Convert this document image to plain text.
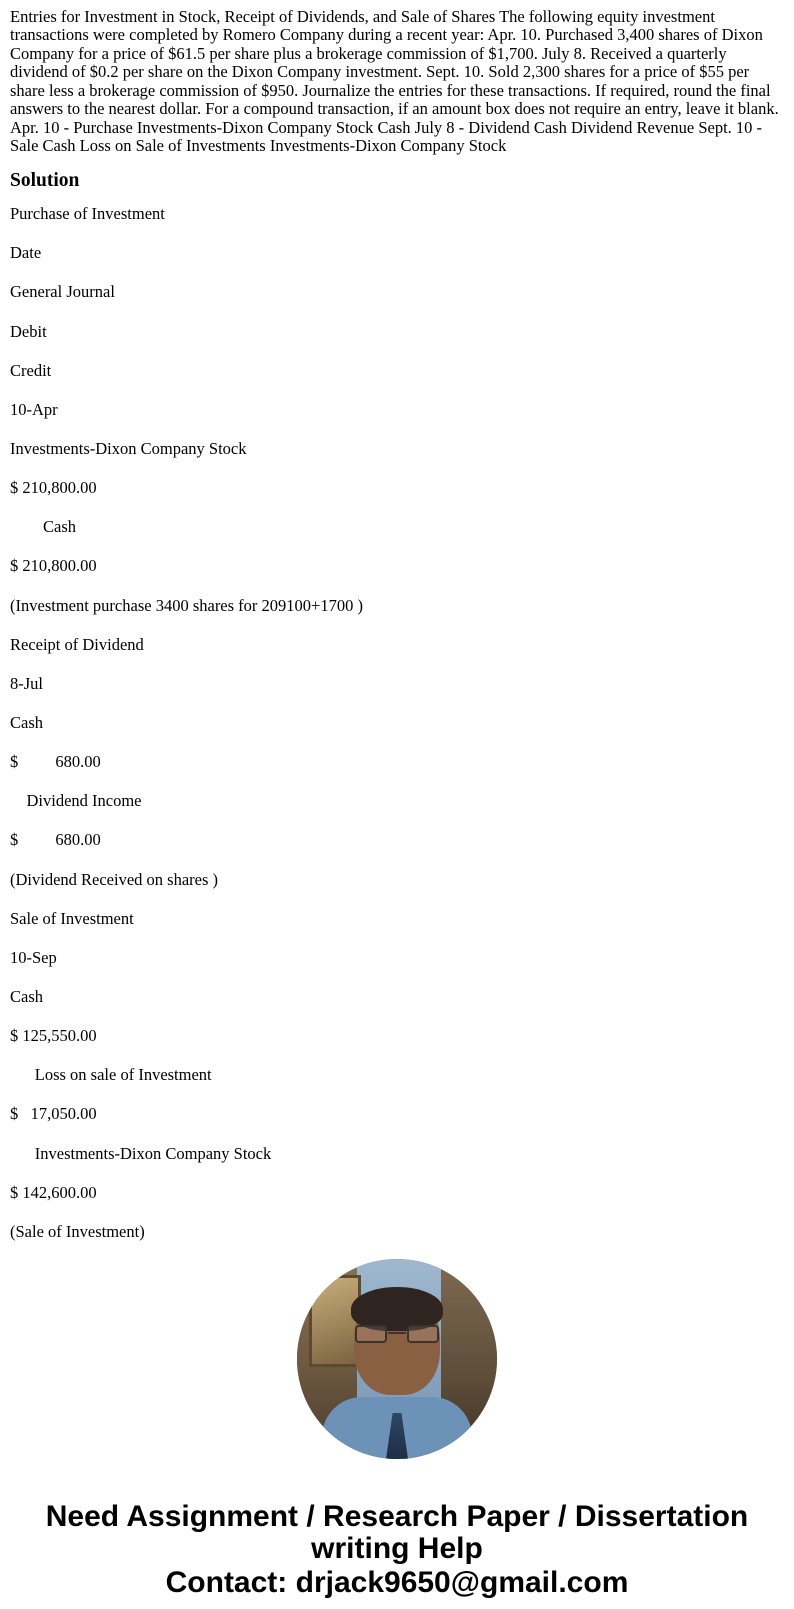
Entries for Investment in Stock, Receipt of Dividends, and Sale of Shares The following equity investment transactions were completed by Romero Company during a recent year: Apr. 10. Purchased 3,400 shares of Dixon Company for a price of $61.5 per share plus a brokerage commission of $1,700. July 8. Received a quarterly dividend of $0.2 per share on the Dixon Company investment. Sept. 10. Sold 2,300 shares for a price of $55 per share less a brokerage commission of $950. Journalize the entries for these transactions. If required, round the final answers to the nearest dollar. For a compound transaction, if an amount box does not require an entry, leave it blank. Apr. 10 - Purchase Investments-Dixon Company Stock Cash July 8 - Dividend Cash Dividend Revenue Sept. 10 - Sale Cash Loss on Sale of Investments Investments-Dixon Company Stock

Solution
Purchase of Investment
Date
General Journal
Debit
Credit
10-Apr
Investments-Dixon Company Stock
$ 210,800.00
Cash
$ 210,800.00
(Investment purchase 3400 shares for 209100+1700 )
Receipt of Dividend
8-Jul
Cash
$         680.00
Dividend Income
$         680.00
(Dividend Received on shares )
Sale of Investment
10-Sep
Cash
$ 125,550.00
Loss on sale of Investment
$   17,050.00
Investments-Dixon Company Stock
$ 142,600.00
(Sale of Investment)
Need Assignment / Research Paper / Dissertation writing Help
Contact: drjack9650@gmail.com
